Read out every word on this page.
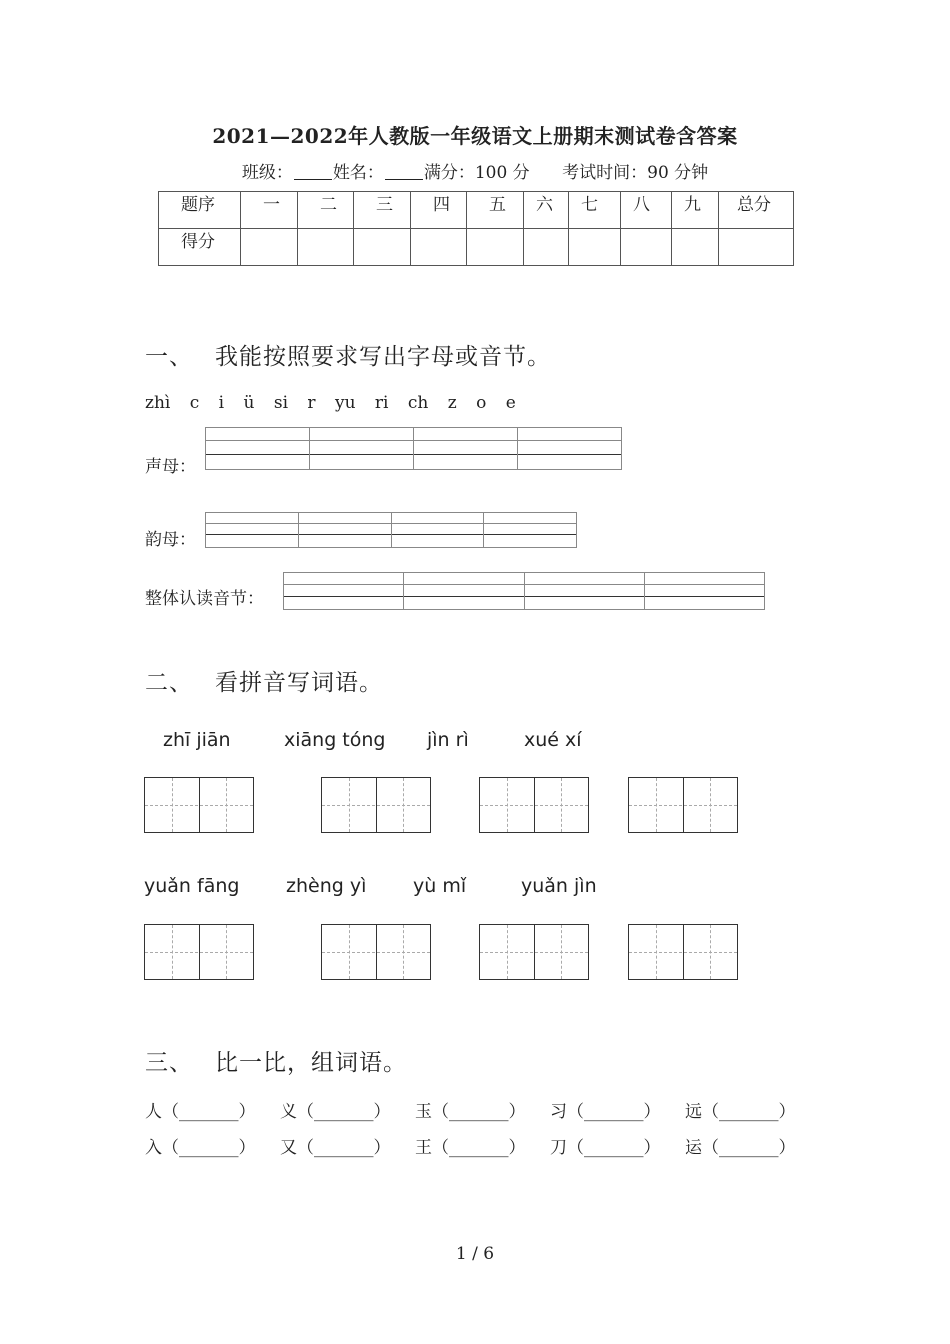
2021—2022年人教版一年级语文上册期末测试卷含答案
班级： 姓名： 满分：100 分 考试时间：90 分钟
题序	一	二	三	四	五	六	七	八	九	总分
得分										
一、 我能按照要求写出字母或音节。
zhì c i ü si r yu ri ch z o e
声母：
韵母：
整体认读音节：
二、 看拼音写词语。
zhī jiān	xiāng tóng jìn rì	xué xí
yuǎn fāng zhèng yì yù mǐ	yuǎn jìn
三、 比一比，组词语。
人（_______） 义（_______） 玉（_______） 习（_______） 远（_______）
入（_______） 又（_______） 王（_______） 刀（_______） 运（_______）
1 / 6
